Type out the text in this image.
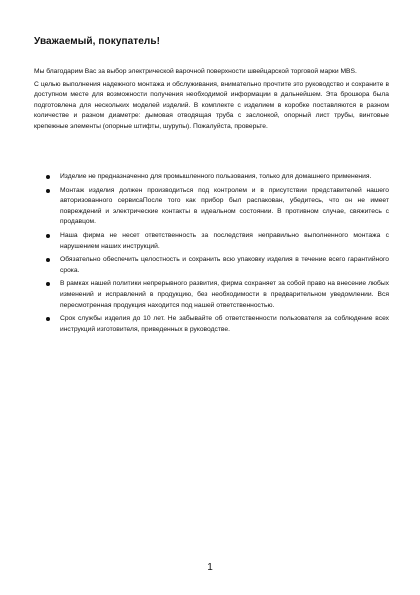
Уважаемый, покупатель!

Мы благодарим Вас за выбор электрической варочной поверхности швейцарской торговой марки MBS.

С целью выполнения надежного монтажа и обслуживания, внимательно прочтите это руководство и сохраните в доступном месте для возможности получения необходимой информации в дальнейшем. Эта брошюра была подготовлена для нескольких моделей изделий. В комплекте с изделием в коробке поставляются в разном количестве и разном диаметре: дымовая отводящая труба с заслонкой, опорный лист трубы, винтовые крепежные элементы (опорные штифты, шурупы). Пожалуйста, проверьте.

Изделие не предназначенно для промышленного пользования, только для домашнего применения.
Монтаж изделия должен производиться под контролем и в присутствии представителей нашего авторизованного сервисаПосле того как прибор был распакован, убедитесь, что он не имеет повреждений и электрические контакты в идеальном состоянии. В противном случае, свяжитесь с продавцом.
Наша фирма не несет ответственность за последствия неправильно выполненного монтажа с нарушением наших инструкций.
Обязательно обеспечить целостность и сохранить всю упаковку изделия в течение всего гарантийного срока.
В рамках нашей политики непрерывного развития, фирма сохраняет за собой право на внесение любых изменений и исправлений в продукцию, без необходимости в предварительном уведомлении. Вся пересмотренная продукция находится под нашей ответственностью.
Срок службы изделия до 10 лет. Не забывайте об ответственности пользователя за соблюдение всех инструкций изготовителя, приведенных в руководстве.
1
